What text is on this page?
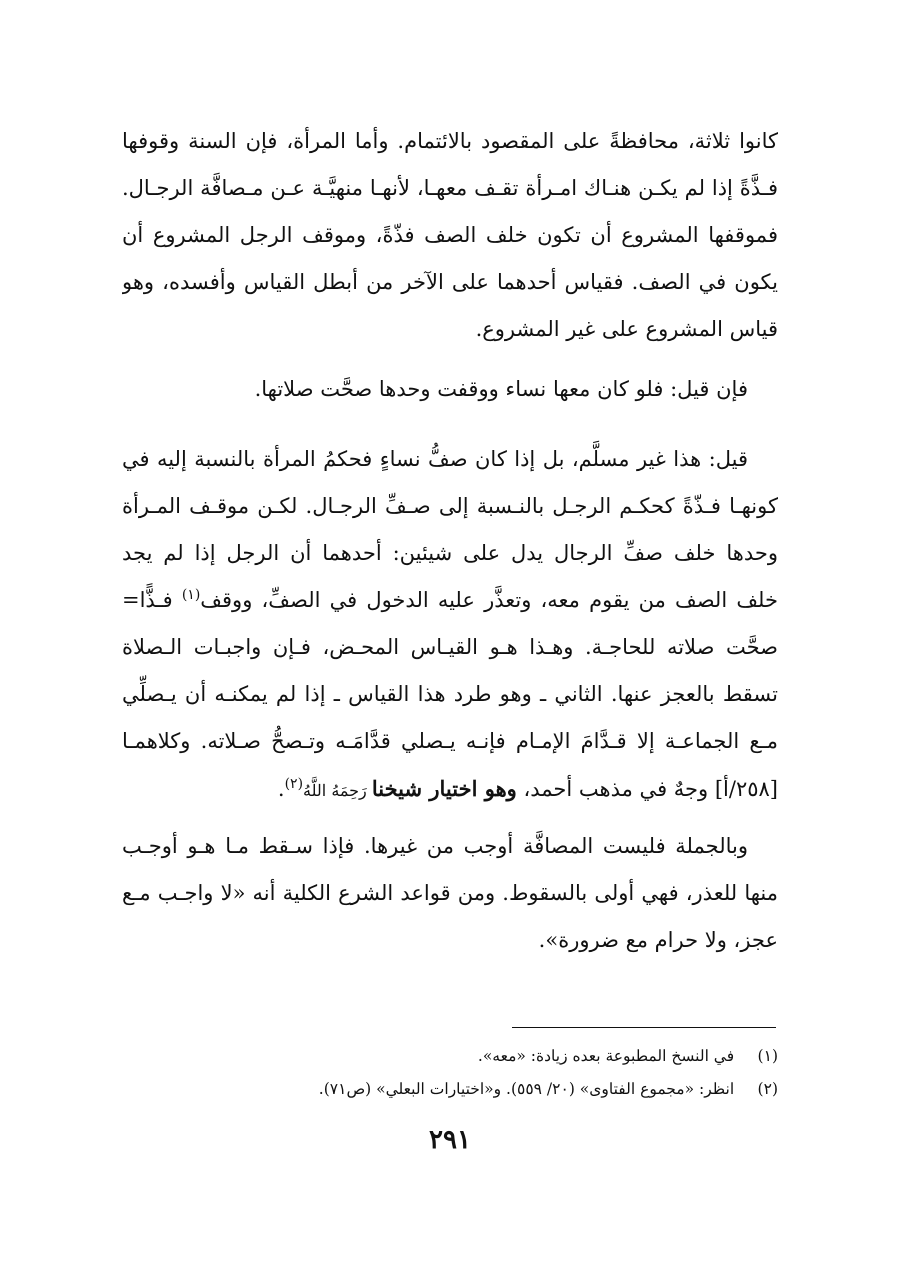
كانوا ثلاثة، محافظةً على المقصود بالائتمام. وأما المرأة، فإن السنة وقوفها
فـذَّةً إذا لم يكـن هنـاك امـرأة تقـف معهـا، لأنهـا منهيَّـة عـن مـصافَّة الرجـال.
فموقفها المشروع أن تكون خلف الصف فذّةً، وموقف الرجل المشروع أن
يكون في الصف. فقياس أحدهما على الآخر من أبطل القياس وأفسده، وهو
قياس المشروع على غير المشروع.
فإن قيل: فلو كان معها نساء ووقفت وحدها صحَّت صلاتها.
قيل: هذا غير مسلَّم، بل إذا كان صفُّ نساءٍ فحكمُ المرأة بالنسبة إليه في
كونهـا فـذّةً كحكـم الرجـل بالنـسبة إلى صـفِّ الرجـال. لكـن موقـف المـرأة
وحدها خلف صفِّ الرجال يدل على شيئين: أحدهما أن الرجل إذا لم يجد
خلف الصف من يقوم معه، وتعذَّر عليه الدخول في الصفِّ، ووقف$^{(١)}$ فـذًّا=
صحَّت صلاته للحاجـة. وهـذا هـو القيـاس المحـض، فـإن واجبـات الـصلاة
تسقط بالعجز عنها. الثاني ـ وهو طرد هذا القياس ـ إذا لم يمكنـه أن يـصلِّي
مـع الجماعـة إلا قـدَّامَ الإمـام فإنـه يـصلي قدَّامَـه وتـصحُّ صـلاته. وكلاهمـا
[٢٥٨/أ] وجهٌ في مذهب أحمد، وهو اختيار شيخنا رَحِمَهُ اللَّهُ$^{(٢)}$.
وبالجملة فليست المصافَّة أوجب من غيرها. فإذا سـقط مـا هـو أوجـب
منها للعذر، فهي أولى بالسقوط. ومن قواعد الشرع الكلية أنه «لا واجـب مـع
عجز، ولا حرام مع ضرورة».
(١)  في النسخ المطبوعة بعده زيادة: «معه».
(٢)  انظر: «مجموع الفتاوى» (٢٠/ ٥٥٩). و«اختيارات البعلي» (ص٧١).
٢٩١
